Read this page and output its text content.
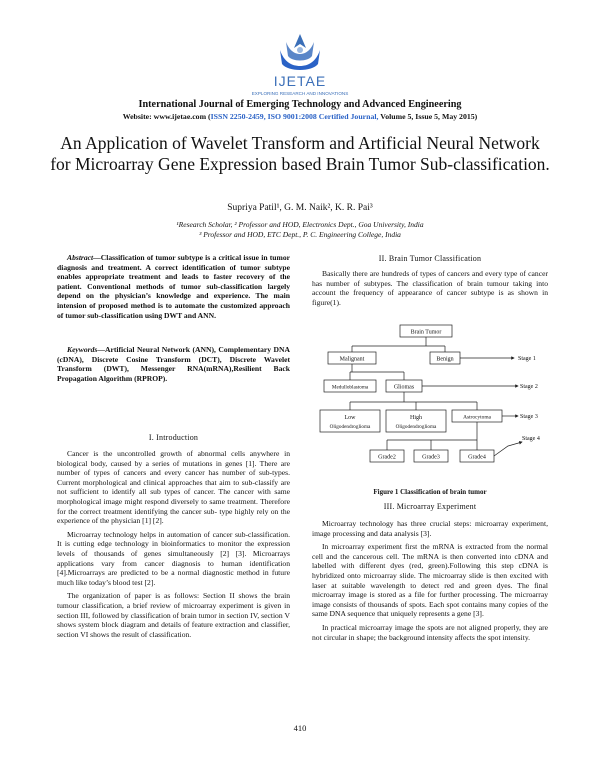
IJETAE
EXPLORING RESEARCH AND INNOVATIONS
International Journal of Emerging Technology and Advanced Engineering
Website: www.ijetae.com (ISSN 2250-2459, ISO 9001:2008 Certified Journal, Volume 5, Issue 5, May 2015)
An Application of Wavelet Transform and Artificial Neural Network for Microarray Gene Expression based Brain Tumor Sub-classification.
Supriya Patil¹, G. M. Naik², K. R. Pai³
¹Research Scholar, ² Professor and HOD, Electronics Dept., Goa University, India
³ Professor and HOD, ETC Dept., P. C. Engineering College, India

Abstract—Classification of tumor subtype is a critical issue in tumor diagnosis and treatment. A correct identification of tumor subtype enables appropriate treatment and leads to faster recovery of the patient. Conventional methods of tumor sub-classification largely depend on the physician’s knowledge and experience. The main intension of proposed method is to automate the customized approach of tumor sub-classification using DWT and ANN.

Keywords—Artificial Neural Network (ANN), Complementary DNA (cDNA), Discrete Cosine Transform (DCT), Discrete Wavelet Transform (DWT), Messenger RNA(mRNA),Resilient Back Propagation Algorithm (RPROP).

I. Introduction

Cancer is the uncontrolled growth of abnormal cells anywhere in biological body, caused by a series of mutations in genes [1]. There are number of types of cancers and every cancer has number of sub-types. Current morphological and clinical approaches that aim to sub-classify are not sufficient to identify all sub types of cancer. The cancer with same morphological image might respond diversely to same treatment. Therefore for the correct treatment identifying the cancer sub- type highly rely on the experience of the physician [1] [2].

Microarray technology helps in automation of cancer sub-classification. It is cutting edge technology in bioinformatics to monitor the expression levels of thousands of genes simultaneously [2] [3]. Microarrays applications vary from cancer diagnosis to human identification [4].Microarrays are predicted to be a normal diagnostic method in future much like today’s blood test [2].

The organization of paper is as follows: Section II shows the brain tumour classification, a brief review of microarray experiment is given in section III, followed by classification of brain tumor in section IV, section V shows system block diagram and details of feature extraction and classifier, section VI shows the result of classification.

II. Brain Tumor Classification

Basically there are hundreds of types of cancers and every type of cancer has number of subtypes. The classification of brain tumour taking into account the frequency of appearance of cancer subtype is as shown in figure(1).

Brain Tumor
Malignant	Benign
Medulloblastoma	Gliomas
Low
Oligodendroglioma
High
Oligodendroglioma
Astrocytoma
Grade2	Grade3	Grade4
Stage 1
Stage 2
Stage 3
Stage 4
Figure 1 Classification of brain tumor
III. Microarray Experiment

Microarray technology has three crucial steps: microarray experiment, image processing and data analysis [3].

In microarray experiment first the mRNA is extracted from the normal cell and the cancerous cell. The mRNA is then converted into cDNA and labelled with different dyes (red, green).Following this step cDNA is hybridized onto microarray slide. The microarray slide is then excited with laser at suitable wavelength to detect red and green dyes. The final microarray image is stored as a file for further processing. The microarray image consists of thousands of spots. Each spot contains many copies of the same DNA sequence that uniquely represents a gene [3].

In practical microarray image the spots are not aligned properly, they are not circular in shape; the background intensity affects the spot intensity.

410
